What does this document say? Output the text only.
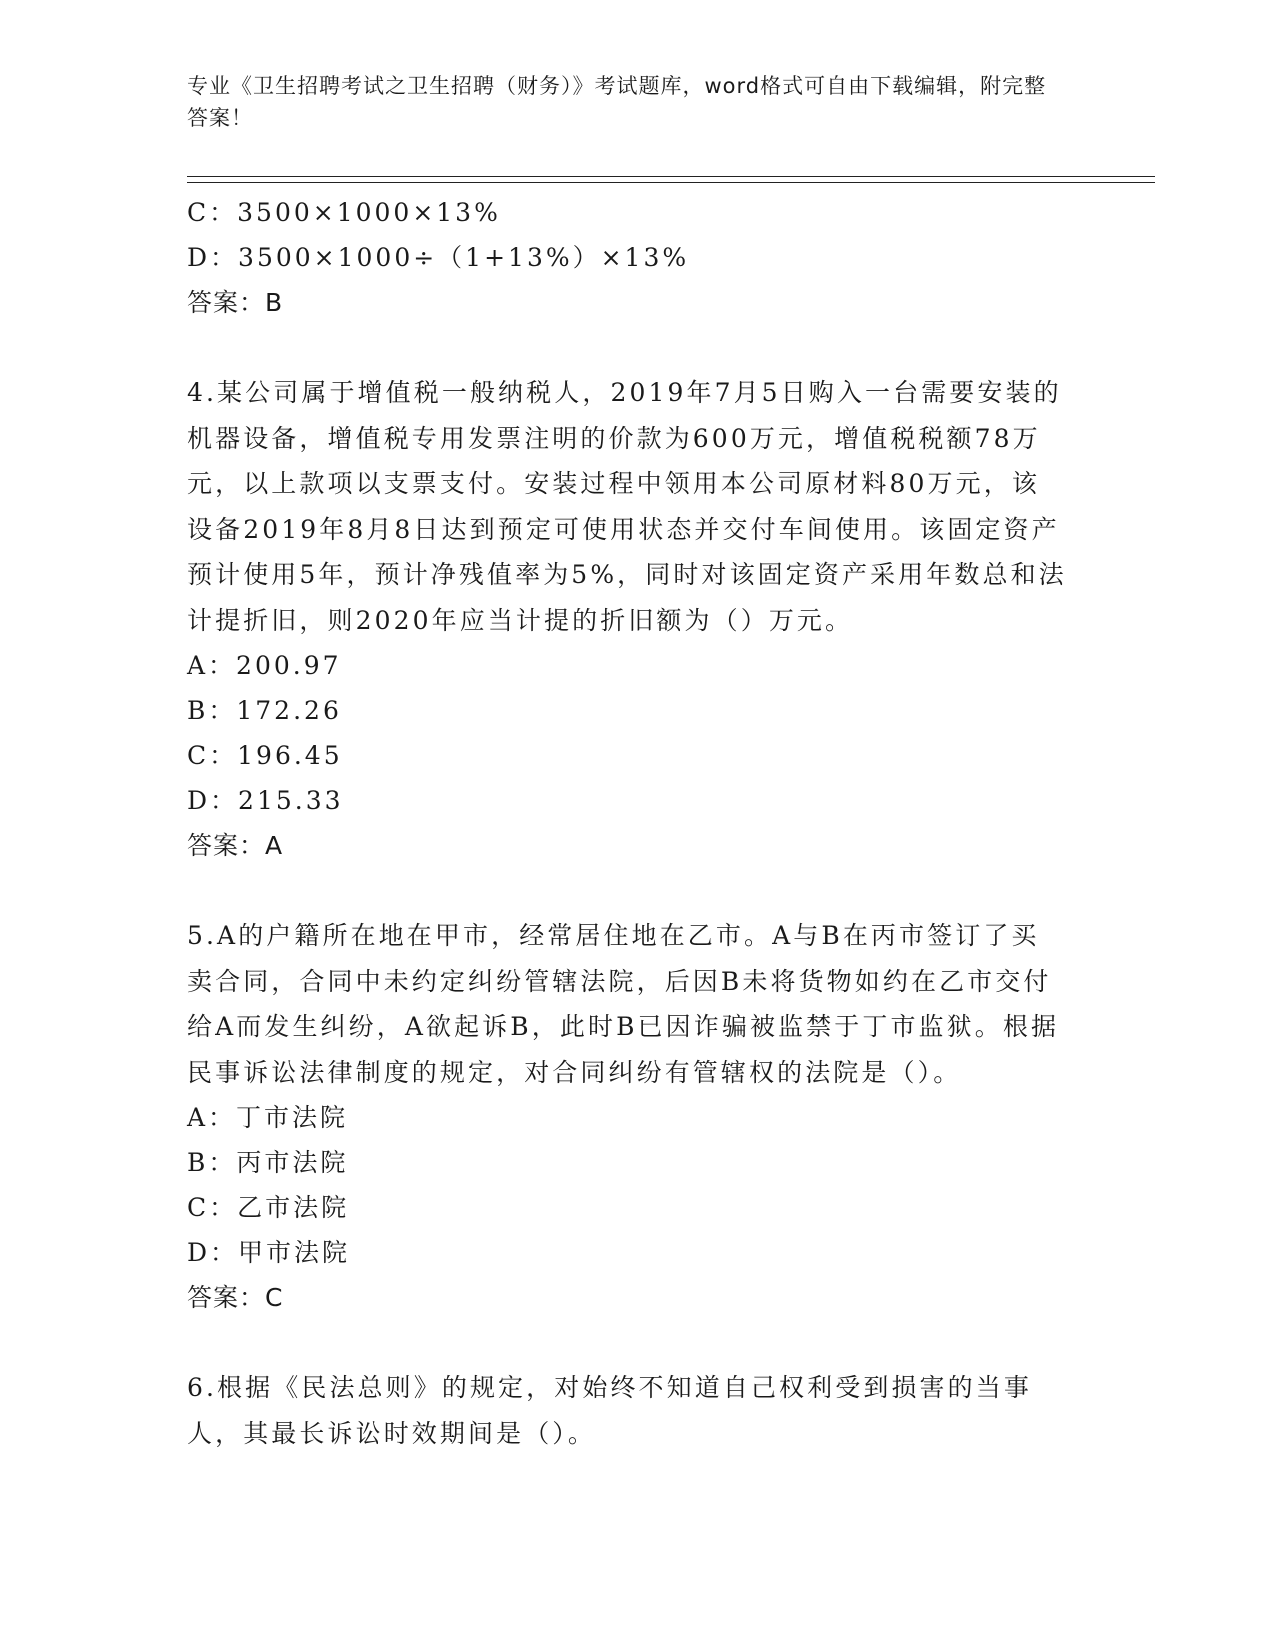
专业《卫生招聘考试之卫生招聘（财务）》考试题库，word格式可自由下载编辑，附完整答案！
C：3500×1000×13%
D：3500×1000÷（1+13%）×13%
答案：B
4.某公司属于增值税一般纳税人，2019年7月5日购入一台需要安装的机器设备，增值税专用发票注明的价款为600万元，增值税税额78万元，以上款项以支票支付。安装过程中领用本公司原材料80万元，该设备2019年8月8日达到预定可使用状态并交付车间使用。该固定资产预计使用5年，预计净残值率为5%，同时对该固定资产采用年数总和法计提折旧，则2020年应当计提的折旧额为（）万元。
A：200.97
B：172.26
C：196.45
D：215.33
答案：A
5.A的户籍所在地在甲市，经常居住地在乙市。A与B在丙市签订了买卖合同，合同中未约定纠纷管辖法院，后因B未将货物如约在乙市交付给A而发生纠纷，A欲起诉B，此时B已因诈骗被监禁于丁市监狱。根据民事诉讼法律制度的规定，对合同纠纷有管辖权的法院是（）。
A：丁市法院
B：丙市法院
C：乙市法院
D：甲市法院
答案：C
6.根据《民法总则》的规定，对始终不知道自己权利受到损害的当事人，其最长诉讼时效期间是（）。
